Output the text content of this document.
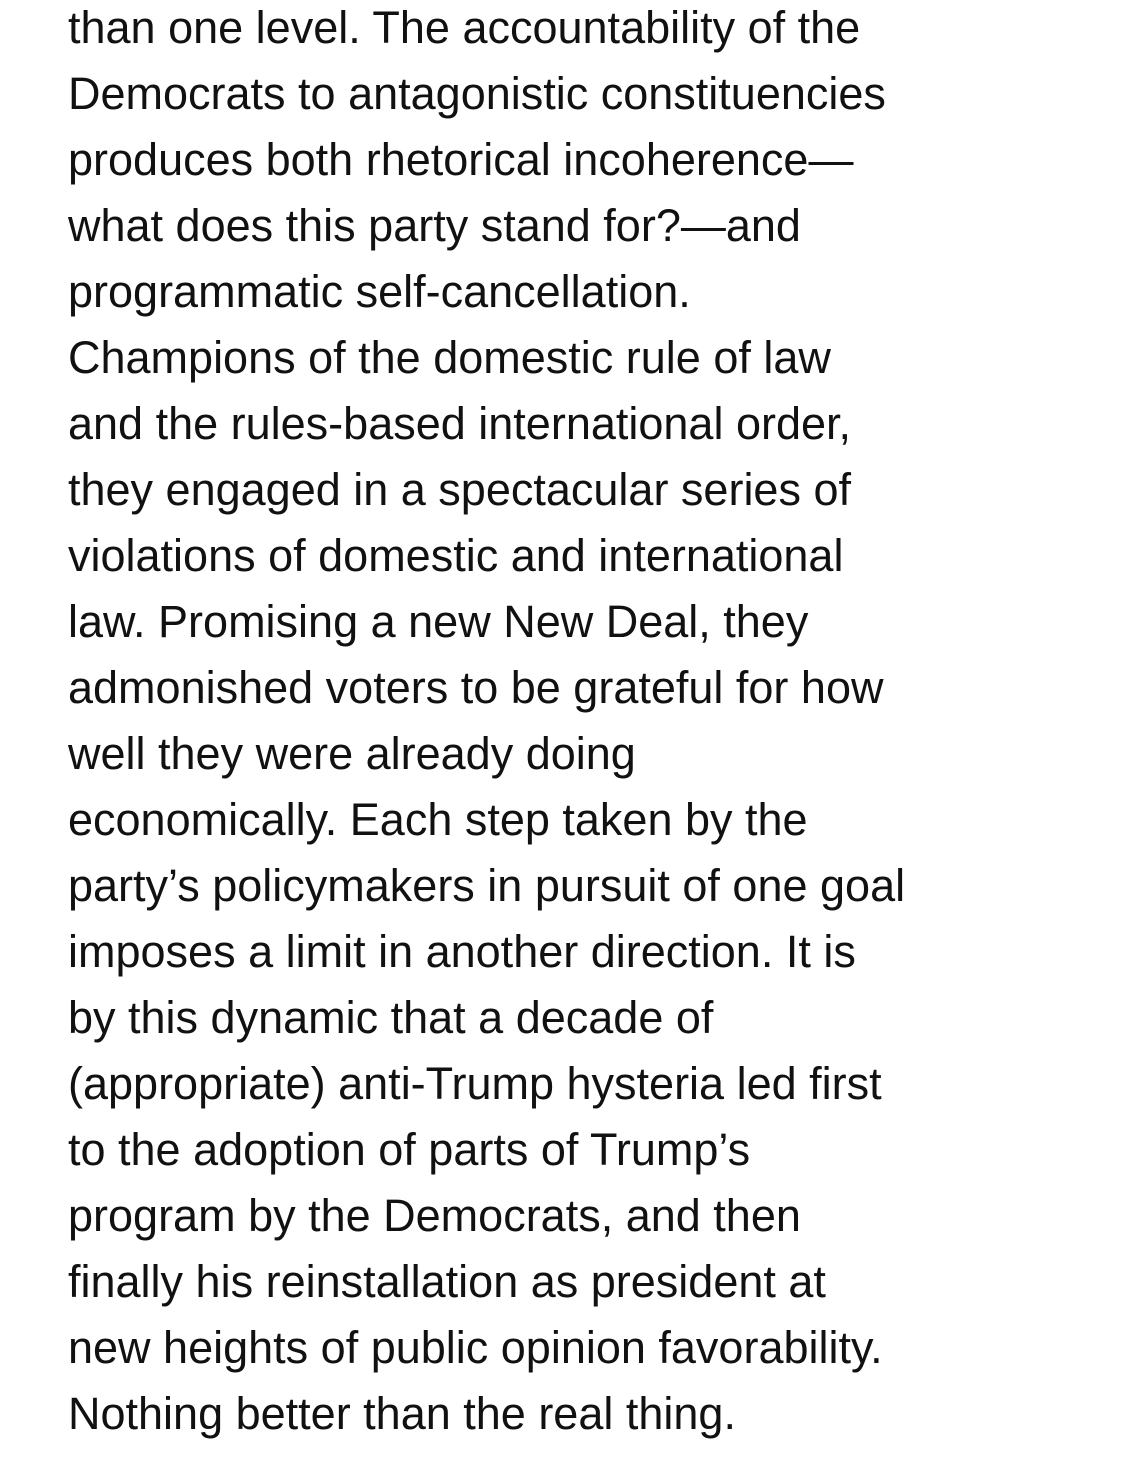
than one level. The accountability of the
Democrats to antagonistic constituencies
produces both rhetorical incoherence—
what does this party stand for?—and
programmatic self-cancellation.
Champions of the domestic rule of law
and the rules-based international order,
they engaged in a spectacular series of
violations of domestic and international
law. Promising a new New Deal, they
admonished voters to be grateful for how
well they were already doing
economically. Each step taken by the
party’s policymakers in pursuit of one goal
imposes a limit in another direction. It is
by this dynamic that a decade of
(appropriate) anti-Trump hysteria led first
to the adoption of parts of Trump’s
program by the Democrats, and then
finally his reinstallation as president at
new heights of public opinion favorability.
Nothing better than the real thing.
